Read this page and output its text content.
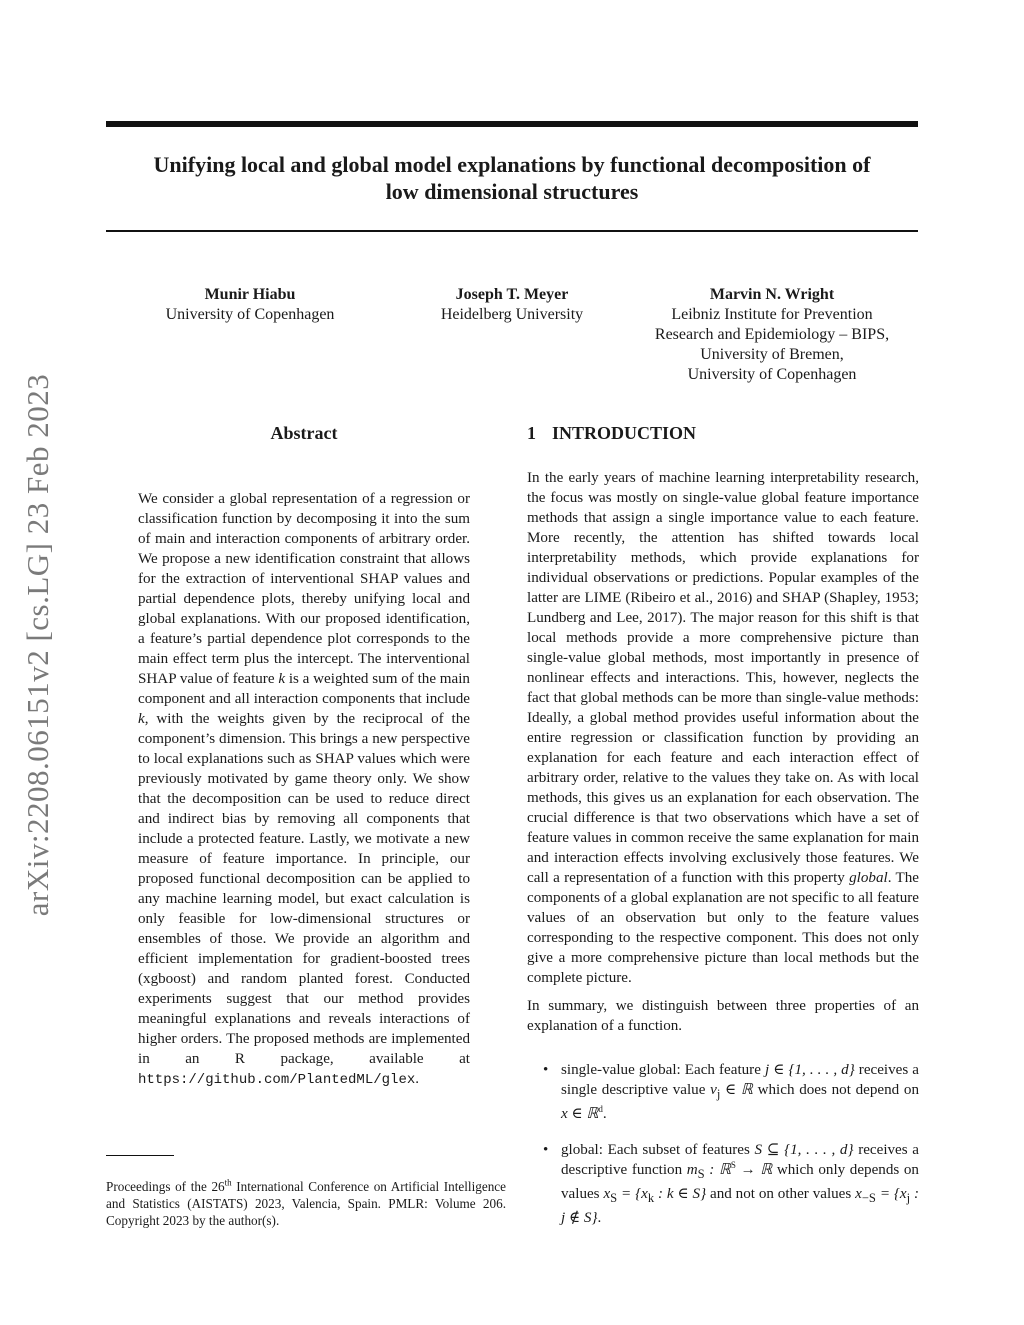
Unifying local and global model explanations by functional decomposition of
low dimensional structures
Munir Hiabu
University of Copenhagen
Joseph T. Meyer
Heidelberg University
Marvin N. Wright
Leibniz Institute for Prevention
Research and Epidemiology – BIPS,
University of Bremen,
University of Copenhagen
arXiv:2208.06151v2 [cs.LG] 23 Feb 2023	Abstract

We consider a global representation of a regression or classification function by decomposing it into the sum of main and interaction components of arbitrary order. We propose a new identification constraint that allows for the extraction of interventional SHAP values and partial dependence plots, thereby unifying local and global explanations. With our proposed identification, a feature’s partial dependence plot corresponds to the main effect term plus the intercept. The interventional SHAP value of feature k is a weighted sum of the main component and all interaction components that include k, with the weights given by the reciprocal of the component’s dimension. This brings a new perspective to local explanations such as SHAP values which were previously motivated by game theory only. We show that the decomposition can be used to reduce direct and indirect bias by removing all components that include a protected feature. Lastly, we motivate a new measure of feature importance. In principle, our proposed functional decomposition can be applied to any machine learning model, but exact calculation is only feasible for low-dimensional structures or ensembles of those. We provide an algorithm and efficient implementation for gradient-boosted trees (xgboost) and random planted forest. Conducted experiments suggest that our method provides meaningful explanations and reveals interactions of higher orders. The proposed methods are implemented in an R package, available at https://github.com/PlantedML/glex.

1 INTRODUCTION

In the early years of machine learning interpretability research, the focus was mostly on single-value global feature importance methods that assign a single importance value to each feature. More recently, the attention has shifted towards local interpretability methods, which provide explanations for individual observations or predictions. Popular examples of the latter are LIME (Ribeiro et al., 2016) and SHAP (Shapley, 1953; Lundberg and Lee, 2017). The major reason for this shift is that local methods provide a more comprehensive picture than single-value global methods, most importantly in presence of nonlinear effects and interactions. This, however, neglects the fact that global methods can be more than single-value methods: Ideally, a global method provides useful information about the entire regression or classification function by providing an explanation for each feature and each interaction effect of arbitrary order, relative to the values they take on. As with local methods, this gives us an explanation for each observation. The crucial difference is that two observations which have a set of feature values in common receive the same explanation for main and interaction effects involving exclusively those features. We call a representation of a function with this property global. The components of a global explanation are not specific to all feature values of an observation but only to the feature values corresponding to the respective component. This does not only give a more comprehensive picture than local methods but the complete picture.

In summary, we distinguish between three properties of an explanation of a function.

• single-value global: Each feature j ∈ {1, . . . , d} receives a single descriptive value $v_j$ ∈ ℝ which does not depend on x ∈ ℝ$^d$.
• global: Each subset of features S ⊆ {1, . . . , d} receives a descriptive function $m_S$ : ℝ$^S$ → ℝ which only depends on values $x_S = \{x_k$ : k ∈ S} and not on other values $x_{-S} = \{x_j$ : j ∉ S}.
Proceedings of the 26th International Conference on Artificial Intelligence and Statistics (AISTATS) 2023, Valencia, Spain. PMLR: Volume 206. Copyright 2023 by the author(s).
